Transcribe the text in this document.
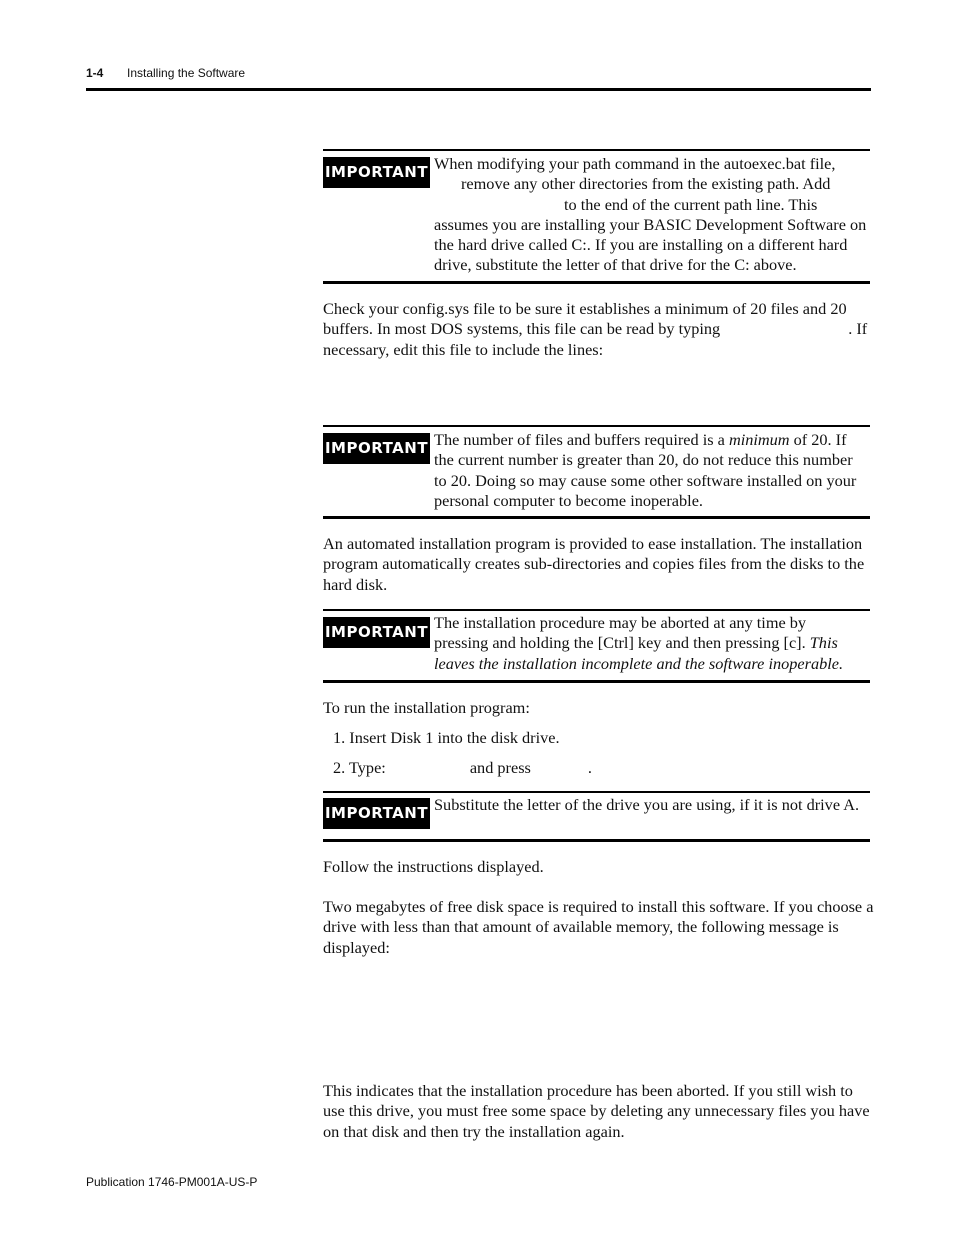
1-4 Installing the Software
IMPORTANT When modifying your path command in the autoexec.bat file,
remove any other directories from the existing path. Add
to the end of the current path line. This
assumes you are installing your BASIC Development Software on
the hard drive called C:. If you are installing on a different hard
drive, substitute the letter of that drive for the C: above.
Check your config.sys file to be sure it establishes a minimum of 20 files and 20
buffers. In most DOS systems, this file can be read by typing	. If
necessary, edit this file to include the lines:
IMPORTANT The number of files and buffers required is a minimum of 20. If
the current number is greater than 20, do not reduce this number
to 20. Doing so may cause some other software installed on your
personal computer to become inoperable.
An automated installation program is provided to ease installation. The installation
program automatically creates sub-directories and copies files from the disks to the
hard disk.
IMPORTANT The installation procedure may be aborted at any time by
pressing and holding the [Ctrl] key and then pressing [c]. This
leaves the installation incomplete and the software inoperable.
To run the installation program:
1. Insert Disk 1 into the disk drive.
2. Type:	and press	.
IMPORTANT Substitute the letter of the drive you are using, if it is not drive A.
Follow the instructions displayed.
Two megabytes of free disk space is required to install this software. If you choose a
drive with less than that amount of available memory, the following message is
displayed:
This indicates that the installation procedure has been aborted. If you still wish to
use this drive, you must free some space by deleting any unnecessary files you have
on that disk and then try the installation again.
Publication 1746-PM001A-US-P
